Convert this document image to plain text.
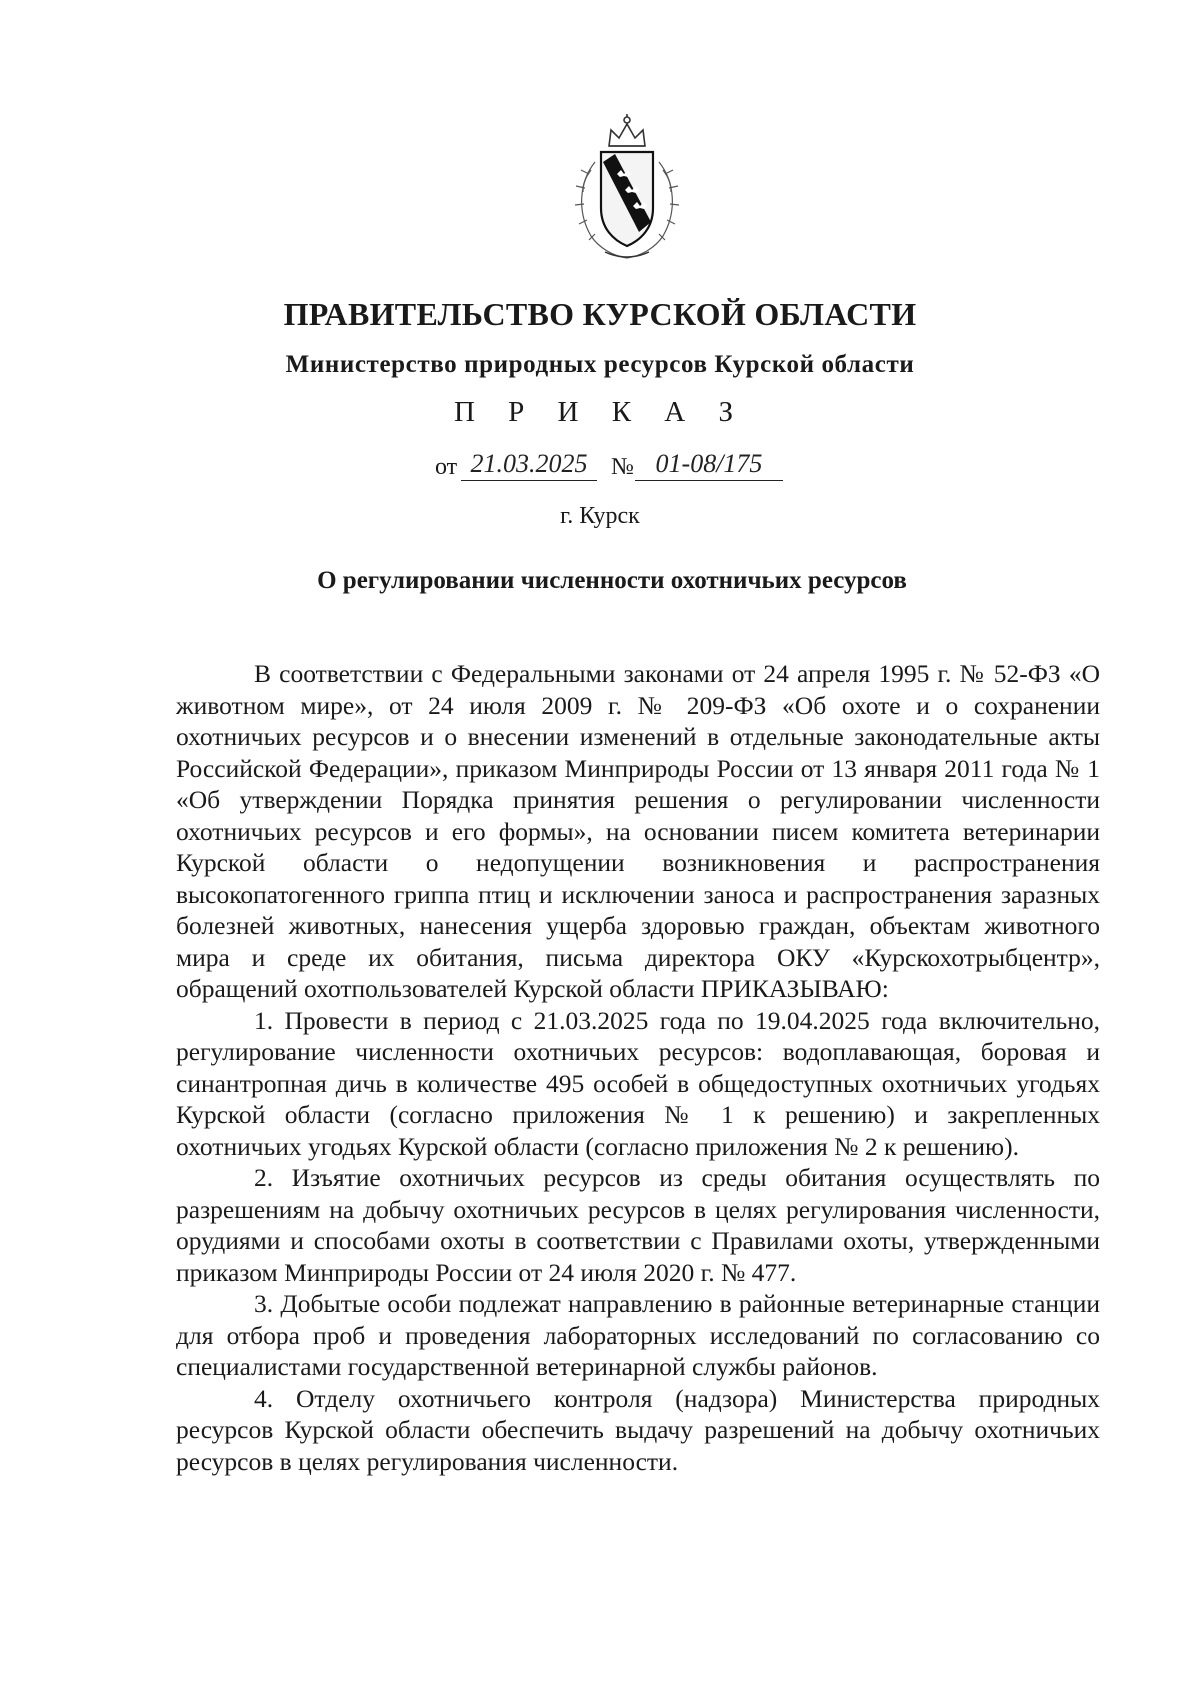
ПРАВИТЕЛЬСТВО КУРСКОЙ ОБЛАСТИ
Министерство природных ресурсов Курской области
П Р И К А З
от 21.03.2025 № 01-08/175
г. Курск
О регулировании численности охотничьих ресурсов

В соответствии с Федеральными законами от 24 апреля 1995 г. № 52-ФЗ «О животном мире», от 24 июля 2009 г. № 209-ФЗ «Об охоте и о сохранении охотничьих ресурсов и о внесении изменений в отдельные законодательные акты Российской Федерации», приказом Минприроды России от 13 января 2011 года № 1 «Об утверждении Порядка принятия решения о регулировании численности охотничьих ресурсов и его формы», на основании писем комитета ветеринарии Курской области о недопущении возникновения и распространения высокопатогенного гриппа птиц и исключении заноса и распространения заразных болезней животных, нанесения ущерба здоровью граждан, объектам животного мира и среде их обитания, письма директора ОКУ «Курскохотрыбцентр», обращений охотпользователей Курской области ПРИКАЗЫВАЮ:

1. Провести в период с 21.03.2025 года по 19.04.2025 года включительно, регулирование численности охотничьих ресурсов: водоплавающая, боровая и синантропная дичь в количестве 495 особей в общедоступных охотничьих угодьях Курской области (согласно приложения № 1 к решению) и закрепленных охотничьих угодьях Курской области (согласно приложения № 2 к решению).

2. Изъятие охотничьих ресурсов из среды обитания осуществлять по разрешениям на добычу охотничьих ресурсов в целях регулирования численности, орудиями и способами охоты в соответствии с Правилами охоты, утвержденными приказом Минприроды России от 24 июля 2020 г. № 477.

3. Добытые особи подлежат направлению в районные ветеринарные станции для отбора проб и проведения лабораторных исследований по согласованию со специалистами государственной ветеринарной службы районов.

4. Отделу охотничьего контроля (надзора) Министерства природных ресурсов Курской области обеспечить выдачу разрешений на добычу охотничьих ресурсов в целях регулирования численности.
